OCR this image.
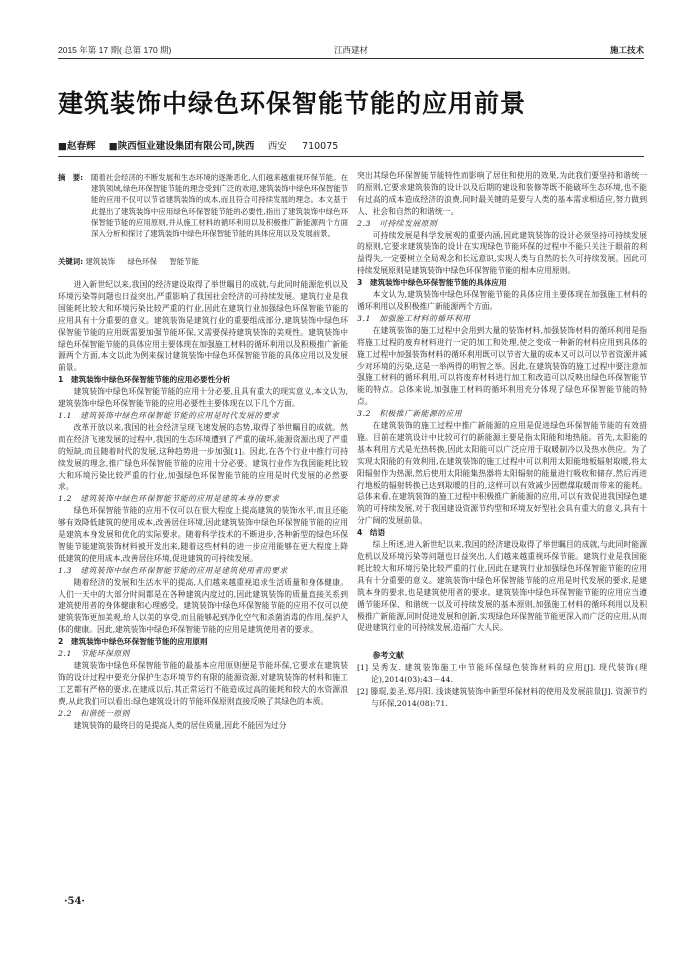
2015 年第 17 期( 总第 170 期)	江西建材	施工技术
建筑装饰中绿色环保智能节能的应用前景
■赵春辉 ■陕西恒业建设集团有限公司,陕西 西安 710075
摘　要: 随着社会经济的不断发展和生态环境的逐渐恶化,人们越来越重视环保节能。在建筑领域,绿色环保智能节能的理念受到广泛的欢迎,建筑装饰中绿色环保智能节能的应用不仅可以节省建筑装饰的成本,而且符合可持续发展的理念。本文基于此提出了建筑装饰中应用绿色环保智能节能的必要性,指出了建筑装饰中绿色环保智能节能的应用原则,并从施工材料的循环利用以及积极推广新能源两个方面深入分析和探讨了建筑装饰中绿色环保智能节能的具体应用以及发展前景。
关键词: 建筑装饰 绿色环保 智能节能

进入新世纪以来,我国的经济建设取得了举世瞩目的成就,与此同时能源危机以及环境污染等问题也日益突出,严重影响了我国社会经济的可持续发展。建筑行业是我国能耗比较大和环境污染比较严重的行业,因此在建筑行业加强绿色环保智能节能的应用具有十分重要的意义。建筑装饰是建筑行业的重要组成部分,建筑装饰中绿色环保智能节能的应用既需要加强节能环保,又需要保持建筑装饰的美观性。建筑装饰中绿色环保智能节能的具体应用主要体现在加强施工材料的循环利用以及积极推广新能源两个方面,本文以此为例来探讨建筑装饰中绿色环保智能节能的具体应用以及发展前景。

1　建筑装饰中绿色环保智能节能的应用必要性分析

建筑装饰中绿色环保智能节能的应用十分必要,且具有重大的现实意义,本文认为,建筑装饰中绿色环保智能节能的应用必要性主要体现在以下几个方面。

1.1　建筑装饰中绿色环保智能节能的应用是时代发展的要求

改革开放以来,我国的社会经济呈现飞速发展的态势,取得了举世瞩目的成就。然而在经济飞速发展的过程中,我国的生态环境遭到了严重的破坏,能源资源出现了严重的短缺,而且随着时代的发展,这种趋势进一步加强[1]。因此,在各个行业中推行可持续发展的理念,推广绿色环保智能节能的应用十分必要。建筑行业作为我国能耗比较大和环境污染比较严重的行业,加强绿色环保智能节能的应用是时代发展的必然要求。

1.2　建筑装饰中绿色环保智能节能的应用是建筑本身的要求

绿色环保智能节能的应用不仅可以在很大程度上提高建筑的装饰水平,而且还能够有效降低建筑的使用成本,改善居住环境,因此建筑装饰中绿色环保智能节能的应用是建筑本身发展和优化的实际要求。随着科学技术的不断进步,各种新型的绿色环保智能节能建筑装饰材料被开发出来,随着这些材料的进一步应用能够在更大程度上降低建筑的使用成本,改善居住环境,促进建筑的可持续发展。

1.3　建筑装饰中绿色环保智能节能的应用是建筑使用者的要求

随着经济的发展和生活水平的提高,人们越来越重视追求生活质量和身体健康。人们一天中的大部分时间都是在各种建筑内度过的,因此建筑装饰的质量直接关系到建筑使用者的身体健康和心理感受。建筑装饰中绿色环保智能节能的应用不仅可以使建筑装饰更加美观,给人以美的享受,而且能够起到净化空气和杀菌消毒的作用,保护人体的健康。因此,建筑装饰中绿色环保智能节能的应用是建筑使用者的要求。

2　建筑装饰中绿色环保智能节能的应用原则

2.1　节能环保原则

建筑装饰中绿色环保智能节能的最基本应用原则便是节能环保,它要求在建筑装饰的设计过程中要充分保护生态环境节约有限的能源资源,对建筑装饰的材料和施工工艺都有严格的要求,在建成以后,其正常运行不能造成过高的能耗和较大的水资源浪费,从此我们可以看出:绿色建筑设计的节能环保原则直接反映了其绿色的本质。

2.2　和谐统一原则

建筑装饰的最终目的是提高人类的居住质量,因此不能因为过分

突出其绿色环保智能节能特性而影响了居住和使用的效果,为此我们要坚持和谐统一的原则,它要求建筑装饰的设计以及后期的建设和装修等既不能破坏生态环境,也不能有过高的成本造成经济的浪费,同时最关键的是要与人类的基本需求相适应,努力做到人、社会和自然的和谐统一。

2.3　可持续发展原则

可持续发展是科学发展观的重要内涵,因此建筑装饰的设计必须坚持可持续发展的原则,它要求建筑装饰的设计在实现绿色节能环保的过程中不能只关注于眼前的利益得失,一定要树立全局观念和长远意识,实现人类与自然的长久可持续发展。因此可持续发展原则是建筑装饰中绿色环保智能节能的根本应用原则。

3　建筑装饰中绿色环保智能节能的具体应用

本文认为,建筑装饰中绿色环保智能节能的具体应用主要体现在加强施工材料的循环利用以及积极推广新能源两个方面。

3.1　加强施工材料的循环利用

在建筑装饰的施工过程中会用到大量的装饰材料,加强装饰材料的循环利用是指将施工过程的废弃材料进行一定的加工和处理,使之变成一种新的材料应用到具体的施工过程中加强装饰材料的循环利用既可以节省大量的成本又可以可以节省资源并减少对环境的污染,这是一举两得的明智之举。因此,在建筑装饰的施工过程中要注意加强施工材料的循环利用,可以将废弃材料进行加工和改造可以反映出绿色环保智能节能的特点。总体来说,加强施工材料的循环利用充分体现了绿色环保智能节能的特点。

3.2　积极推广新能源的应用

在建筑装饰的施工过程中推广新能源的应用是促进绿色环保智能节能的有效措施。目前在建筑设计中比较可行的新能源主要是指太阳能和地热能。首先,太阳能的基本利用方式是光热转换,因此太阳能可以广泛应用于取暖制冷以及热水供应。为了实现太阳能的有效利用,在建筑装饰的施工过程中可以利用太阳能地板辐射取暖,将太阳辐射作为热源,然后使用太阳能集热器将太阳辐射的能量进行吸收和储存,然后再进行地板的辐射转换已达到取暖的目的,这样可以有效减少因燃煤取暖而带来的能耗。总体来看,在建筑装饰的施工过程中积极推广新能源的应用,可以有效促进我国绿色建筑的可持续发展,对于我国建设资源节约型和环境友好型社会具有重大的意义,具有十分广阔的发展前景。

4　结语

综上所述,进入新世纪以来,我国的经济建设取得了举世瞩目的成就,与此同时能源危机以及环境污染等问题也日益突出,人们越来越重视环保节能。建筑行业是我国能耗比较大和环境污染比较严重的行业,因此在建筑行业加强绿色环保智能节能的应用具有十分重要的意义。建筑装饰中绿色环保智能节能的应用是时代发展的要求,是建筑本身的要求,也是建筑使用者的要求。建筑装饰中绿色环保智能节能的应用应当遵循节能环保、和谐统一以及可持续发展的基本原则,加强施工材料的循环利用以及积极推广新能源,同时促进发展和创新,实现绿色环保智能节能更深入而广泛的应用,从而促进建筑行业的可持续发展,造福广大人民。

参考文献

[1] 吴秀友. 建筑装饰施工中节能环保绿色装饰材料的应用[J]. 现代装饰(理论),2014(03):43－44.

[2] 滕琨,姜圣,郑丹阳. 浅谈建筑装饰中新型环保材料的使用及发展前景[J]. 资源节约与环保,2014(08):71.

·54·
